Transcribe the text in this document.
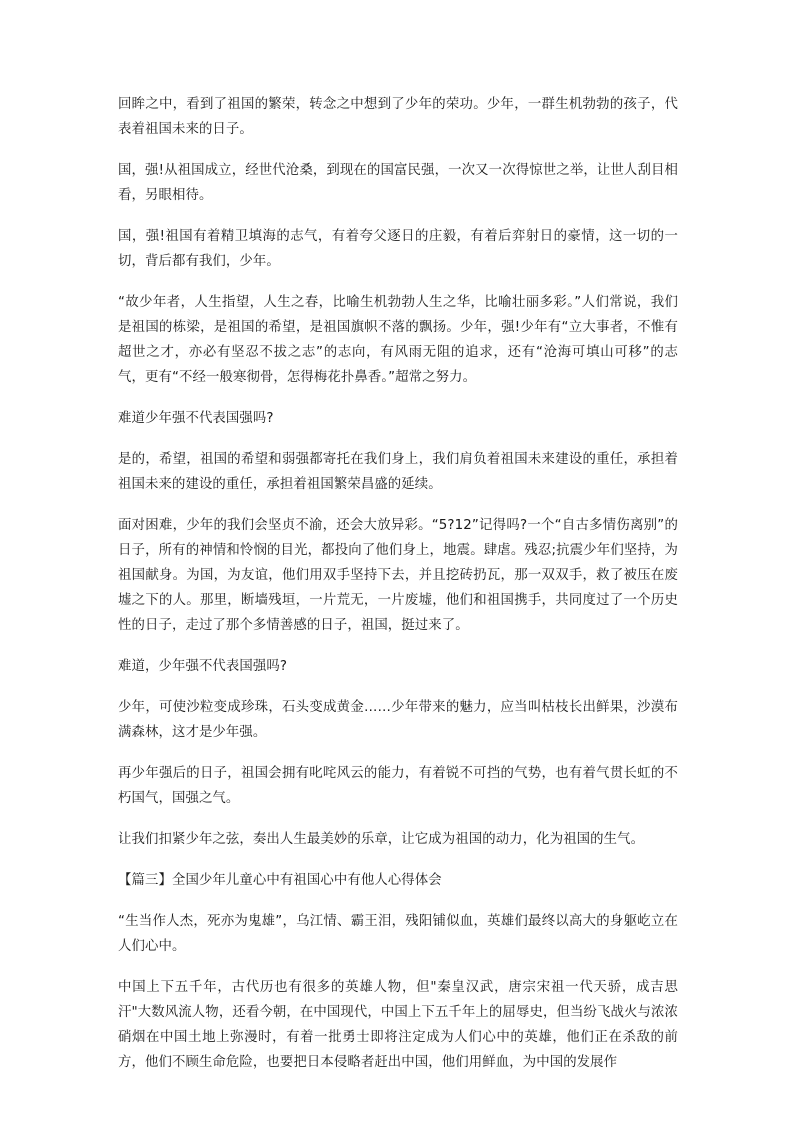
回眸之中，看到了祖国的繁荣，转念之中想到了少年的荣功。少年，一群生机勃勃的孩子，代表着祖国未来的日子。

国，强!从祖国成立，经世代沧桑，到现在的国富民强，一次又一次得惊世之举，让世人刮目相看，另眼相待。

国，强!祖国有着精卫填海的志气，有着夸父逐日的庄毅，有着后弈射日的豪情，这一切的一切，背后都有我们，少年。

“故少年者，人生指望，人生之春，比喻生机勃勃人生之华，比喻壮丽多彩。”人们常说，我们是祖国的栋梁，是祖国的希望，是祖国旗帜不落的飘扬。少年，强!少年有“立大事者，不惟有超世之才，亦必有坚忍不拔之志”的志向，有风雨无阻的追求，还有“沧海可填山可移”的志气，更有“不经一般寒彻骨，怎得梅花扑鼻香。”超常之努力。

难道少年强不代表国强吗?

是的，希望，祖国的希望和弱强都寄托在我们身上，我们肩负着祖国未来建设的重任，承担着祖国未来的建设的重任，承担着祖国繁荣昌盛的延续。

面对困难，少年的我们会坚贞不渝，还会大放异彩。“5?12”记得吗?一个“自古多情伤离别”的日子，所有的神情和怜悯的目光，都投向了他们身上，地震。肆虐。残忍;抗震少年们坚持，为祖国献身。为国，为友谊，他们用双手坚持下去，并且挖砖扔瓦，那一双双手，救了被压在废墟之下的人。那里，断墙残垣，一片荒无，一片废墟，他们和祖国携手，共同度过了一个历史性的日子，走过了那个多情善感的日子，祖国，挺过来了。

难道，少年强不代表国强吗?

少年，可使沙粒变成珍珠，石头变成黄金……少年带来的魅力，应当叫枯枝长出鲜果，沙漠布满森林，这才是少年强。

再少年强后的日子，祖国会拥有叱咤风云的能力，有着锐不可挡的气势，也有着气贯长虹的不朽国气，国强之气。

让我们扣紧少年之弦，奏出人生最美妙的乐章，让它成为祖国的动力，化为祖国的生气。

【篇三】全国少年儿童心中有祖国心中有他人心得体会

“生当作人杰，死亦为鬼雄”，乌江情、霸王泪，残阳铺似血，英雄们最终以高大的身躯屹立在人们心中。

中国上下五千年，古代历也有很多的英雄人物，但"秦皇汉武，唐宗宋祖一代天骄，成吉思汗"大数风流人物，还看今朝，在中国现代，中国上下五千年上的屈辱史，但当纷飞战火与浓浓硝烟在中国土地上弥漫时，有着一批勇士即将注定成为人们心中的英雄，他们正在杀敌的前方，他们不顾生命危险，也要把日本侵略者赶出中国，他们用鲜血，为中国的发展作
